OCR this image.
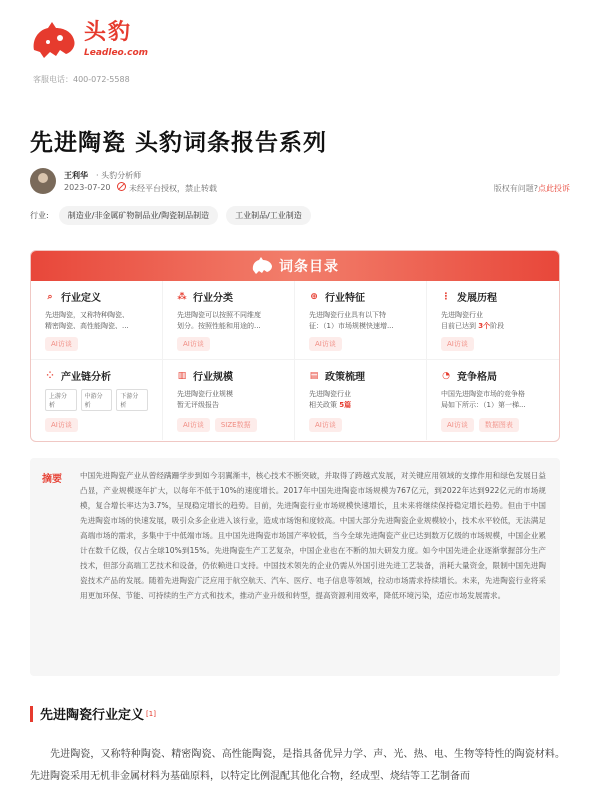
头豹
Leadleo.com
客服电话：400-072-5588
先进陶瓷 头豹词条报告系列
王利华 · 头豹分析师
2023-07-20 未经平台授权，禁止转载	版权有问题?点此投诉
行业:	制造业/非金属矿物制品业/陶瓷制品制造	工业制品/工业制造
词条目录
⌕ 行业定义
先进陶瓷，又称特种陶瓷、
精密陶瓷、高性能陶瓷、...
AI访谈
⁂ 行业分类
先进陶瓷可以按照不同维度
划分。按照性能和用途的...
AI访谈
⊕ 行业特征
先进陶瓷行业具有以下特
征：（1）市场规模快速增...
AI访谈
⋮ 发展历程
先进陶瓷行业
目前已达到 3个阶段
AI访谈
⁘ 产业链分析
上游分析
中游分析
下游分析
AI访谈
▥ 行业规模
先进陶瓷行业规模
暂无评级报告
AI访谈	SIZE数据
▤ 政策梳理
先进陶瓷行业
相关政策 5篇
AI访谈
◔ 竞争格局
中国先进陶瓷市场的竞争格
局如下所示：（1）第一梯...
AI访谈	数据图表
摘要 中国先进陶瓷产业从曾经蹒跚学步到如今羽翼渐丰，核心技术不断突破，并取得了跨越式发展，对关键应用领域的支撑作用和绿色发展日益凸显，产业规模逐年扩大，以每年不低于10%的速度增长。2017年中国先进陶瓷市场规模为767亿元，到2022年达到922亿元的市场规模，复合增长率达为3.7%，呈现稳定增长的趋势。目前，先进陶瓷行业市场规模快速增长，且未来将继续保持稳定增长趋势。但由于中国先进陶瓷市场的快速发展，吸引众多企业进入该行业，造成市场饱和度较高。中国大部分先进陶瓷企业规模较小，技术水平较低，无法满足高端市场的需求，多集中于中低端市场。且中国先进陶瓷市场国产率较低，当今全球先进陶瓷产业已达到数万亿级的市场规模，中国企业累计在数千亿级，仅占全球10%到15%。先进陶瓷生产工艺复杂，中国企业也在不断的加大研发力度。如今中国先进企业逐渐掌握部分生产技术，但部分高端工艺技术和设备，仍依赖进口支持。中国技术领先的企业仍需从外国引进先进工艺装备，消耗大量资金，限制中国先进陶瓷技术产品的发展。随着先进陶瓷广泛应用于航空航天、汽车、医疗、电子信息等领域，拉动市场需求持续增长。未来，先进陶瓷行业将采用更加环保、节能、可持续的生产方式和技术，推动产业升级和转型，提高资源利用效率，降低环境污染，适应市场发展需求。

先进陶瓷行业定义 [1]

先进陶瓷，又称特种陶瓷、精密陶瓷、高性能陶瓷，是指具备优异力学、声、光、热、电、生物等特性的陶瓷材料。先进陶瓷采用无机非金属材料为基础原料，以特定比例混配其他化合物，经成型、烧结等工艺制备而
